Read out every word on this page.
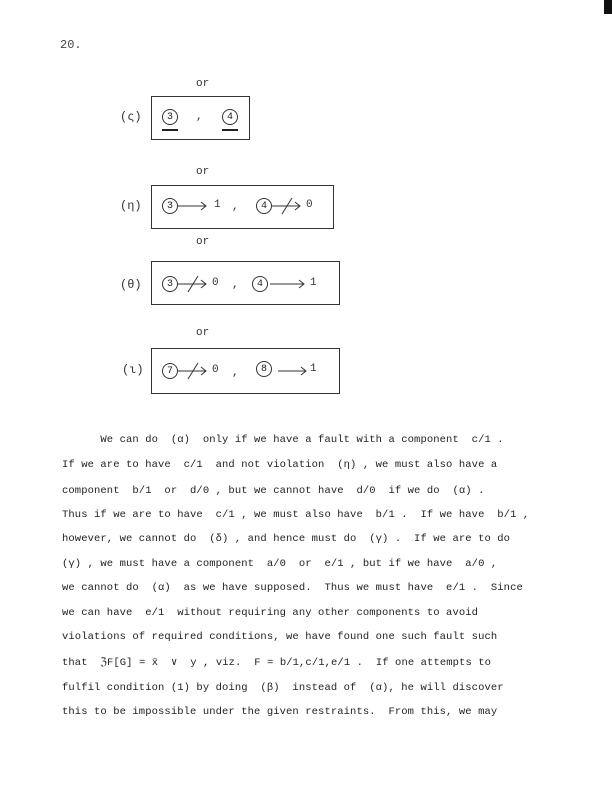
20.
or
(ς)	3	,	4
or
(η)	3	1 ,	4	0
or
(θ)	3	0 ,	4	1
or
(ι)	7	0 ,	8	1
We can do  (α)  only if we have a fault with a component  c/1 .
If we are to have  c/1  and not violation  (η) , we must also have a
component  b/1  or  d/0 , but we cannot have  d/0  if we do  (α) .
Thus if we are to have  c/1 , we must also have  b/1 .  If we have  b/1 ,
however, we cannot do  (δ) , and hence must do  (γ) .  If we are to do
(γ) , we must have a component  a/0  or  e/1 , but if we have  a/0 ,
we cannot do  (α)  as we have supposed.  Thus we must have  e/1 .  Since
we can have  e/1  without requiring any other components to avoid
violations of required conditions, we have found one such fault such
that  ℨF[G] = x̄  ∨  y , viz.  F = b/1,c/1,e/1 .  If one attempts to
fulfil condition (1) by doing  (β)  instead of  (α), he will discover
this to be impossible under the given restraints.  From this, we may
